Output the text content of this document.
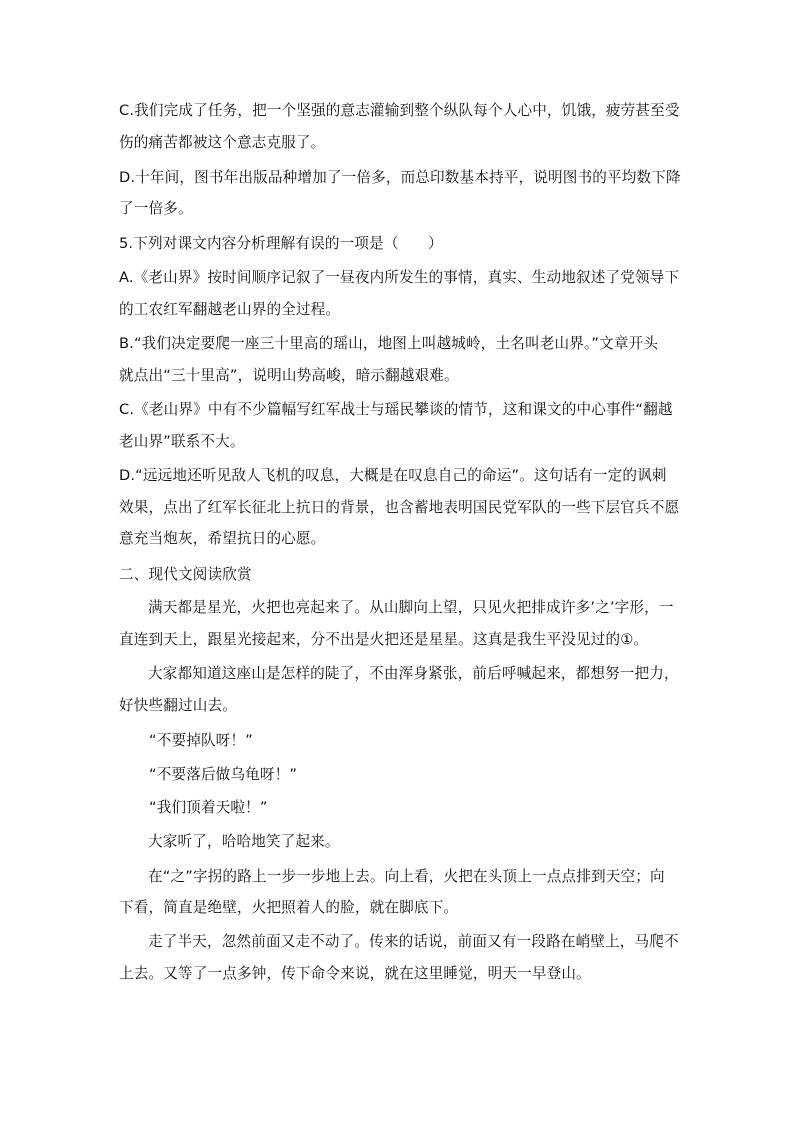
C.我们完成了任务，把一个坚强的意志灌输到整个纵队每个人心中，饥饿，疲劳甚至受
伤的痛苦都被这个意志克服了。
D.十年间，图书年出版品种增加了一倍多，而总印数基本持平，说明图书的平均数下降
了一倍多。
5.下列对课文内容分析理解有误的一项是（　　）
A.《老山界》按时间顺序记叙了一昼夜内所发生的事情，真实、生动地叙述了党领导下
的工农红军翻越老山界的全过程。
B.“我们决定要爬一座三十里高的瑶山，地图上叫越城岭，土名叫老山界。”文章开头
就点出“三十里高”，说明山势高峻，暗示翻越艰难。
C.《老山界》中有不少篇幅写红军战士与瑶民攀谈的情节，这和课文的中心事件“翻越
老山界”联系不大。
D.“远远地还听见敌人飞机的叹息，大概是在叹息自己的命运”。这句话有一定的讽刺
效果，点出了红军长征北上抗日的背景，也含蓄地表明国民党军队的一些下层官兵不愿
意充当炮灰，希望抗日的心愿。
二、现代文阅读欣赏
满天都是星光，火把也亮起来了。从山脚向上望，只见火把排成许多’之’字形，一
直连到天上，跟星光接起来，分不出是火把还是星星。这真是我生平没见过的①。
大家都知道这座山是怎样的陡了，不由浑身紧张，前后呼喊起来，都想努一把力，
好快些翻过山去。
“不要掉队呀！”
“不要落后做乌龟呀！”
“我们顶着天啦！”
大家听了，哈哈地笑了起来。
在“之”字拐的路上一步一步地上去。向上看，火把在头顶上一点点排到天空；向
下看，简直是绝壁，火把照着人的脸，就在脚底下。
走了半天，忽然前面又走不动了。传来的话说，前面又有一段路在峭壁上，马爬不
上去。又等了一点多钟，传下命令来说，就在这里睡觉，明天一早登山。
